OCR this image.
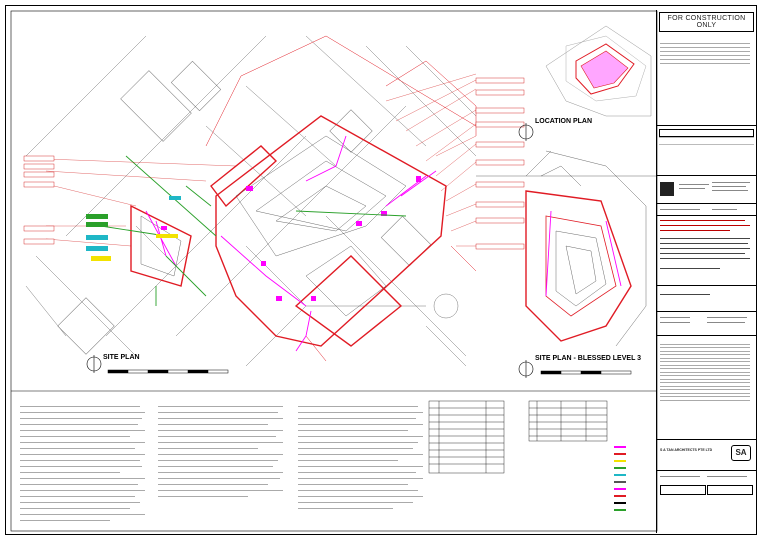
SITE PLAN	SITE PLAN - BLESSED LEVEL 3
LOCATION PLAN
FOR CONSTRUCTION ONLY
S A TAN ARCHITECTS PTE LTD	SA
